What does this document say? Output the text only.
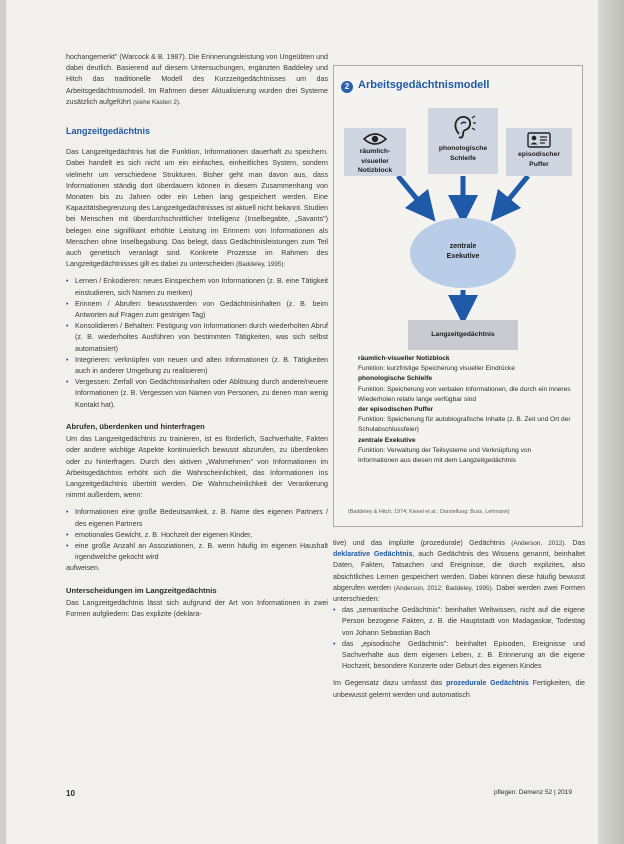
hochangemerkt" (Warcock & B. 1987). Die Erinnerungsleistung von Ungeübten und dabei deutlich. Basierend auf diesem Untersuchungen, ergänzten Baddeley und Hitch das traditionelle Modell des Kurzzeitgedächtnisses um das Arbeitsgedächtnismodell. Im Rahmen dieser Aktualisierung wurden drei Systeme zusätzlich aufgeführt (siehe Kasten 2).

Langzeitgedächtnis

Das Langzeitgedächtnis hat die Funktion, Informationen dauerhaft zu speichern. Dabei handelt es sich nicht um ein einfaches, einheitliches System, sondern vielmehr um verschiedene Strukturen. Bisher geht man davon aus, dass Informationen ständig dort überdauern können in diesem Zusammenhang von Monaten bis zu Jahren oder ein Leben lang gespeichert werden. Eine Kapazitätsbegrenzung des Langzeitgedächtnisses ist aktuell nicht bekannt. Studien bei Menschen mit überdurchschnittlicher Intelligenz (Inselbegabte, „Savants") belegen eine signifikant erhöhte Leistung im Erinnern von Informationen als Menschen ohne Inselbegabung. Das belegt, dass Gedächtnisleistungen zum Teil auch genetisch veranlagt sind. Konkrete Prozesse im Rahmen des Langzeitgedächtnisses gilt es dabei zu unterscheiden (Baddeley, 1995):

• Lernen / Enkodieren: neues Einspeichern von Informationen (z. B. eine Tätigkeit einstudieren, sich Namen zu merken)
• Erinnern / Abrufen: bewusstwerden von Gedächtnisinhalten (z. B. beim Antworten auf Fragen zum gestrigen Tag)
• Konsolidieren / Behalten: Festigung von Informationen durch wiederholten Abruf (z. B. wiederholtes Ausführen von bestimmten Tätigkeiten, was sich selbst automatisiert)
• Integrieren: verknüpfen von neuen und alten Informationen (z. B. Tätigkeiten auch in anderer Umgebung zu realisieren)
• Vergessen: Zerfall von Gedächtnisinhalten oder Ablösung durch andere/neuere Informationen (z. B. Vergessen von Namen von Personen, zu denen man wenig Kontakt hat).
Abrufen, überdenken und hinterfragen

Um das Langzeitgedächtnis zu trainieren, ist es förderlich, Sachverhalte, Fakten oder andere wichtige Aspekte kontinuierlich bewusst abzurufen, zu überdenken oder zu hinterfragen. Durch den aktiven „Wahrnehmen" von Informationen im Arbeitsgedächtnis erhöht sich die Wahrscheinlichkeit, das Informationen ins Langzeitgedächtnis übertritt werden. Die Wahrscheinlichkeit der Verankerung nimmt außerdem, wenn:

• Informationen eine große Bedeutsamkeit, z. B. Name des eigenen Partners / des eigenen Partners
• emotionales Gewicht, z. B. Hochzeit der eigenen Kinder,
• eine große Anzahl an Assoziationen, z. B. wenn häufig im eigenen Haushalt irgendwelche gekocht wird

aufweisen.

Unterscheidungen im Langzeitgedächtnis

Das Langzeitgedächtnis lässt sich aufgrund der Art von Informationen in zwei Formen aufgliedern: Das explizite (deklara-

2 Arbeitsgedächtnismodell
räumlich-
visueller
Notizblock
phonologische
Schleife	episodischer
Puffer
zentrale
Exekutive
Langzeitgedächtnis
räumlich-visueller Notizblock
Funktion: kurzfristige Speicherung visueller Eindrücke
phonologische Schleife
Funktion: Speicherung von verbalen Informationen, die durch ein inneres Wiederholen relativ lange verfügbar sind
der episodischen Puffer
Funktion: Speicherung für autobiografische Inhalte (z. B. Zeit und Ort der Schulabschlussfeier)
zentrale Exekutive
Funktion: Verwaltung der Teilsysteme und Verknüpfung von Informationen aus diesen mit dem Langzeitgedächtnis
(Baddeley & Hitch, 1974; Kiesel et al.; Darstellung: Buss, Lehmann)

tive) und das implizite (prozedurale) Gedächtnis (Anderson, 2012). Das deklarative Gedächtnis, auch Gedächtnis des Wissens genannt, beinhaltet Daten, Fakten, Tatsachen und Ereignisse, die durch explizites, also absichtliches Lernen gespeichert werden. Dabei können diese häufig bewusst abgerufen werden (Anderson, 2012; Baddeley, 1995). Dabei werden zwei Formen unterschieden:

• das „semantische Gedächtnis": beinhaltet Weltwissen, nicht auf die eigene Person bezogene Fakten, z. B. die Hauptstadt von Madagaskar, Todestag von Johann Sebastian Bach
• das „episodische Gedächtnis": beinhaltet Episoden, Ereignisse und Sachverhalte aus dem eigenen Leben, z. B. Erinnerung an die eigene Hochzeit, besondere Konzerte oder Geburt des eigenen Kindes

Im Gegensatz dazu umfasst das prozedurale Gedächtnis Fertigkeiten, die unbewusst gelernt werden und automatisch

10	pflegen: Demenz 52 | 2019
